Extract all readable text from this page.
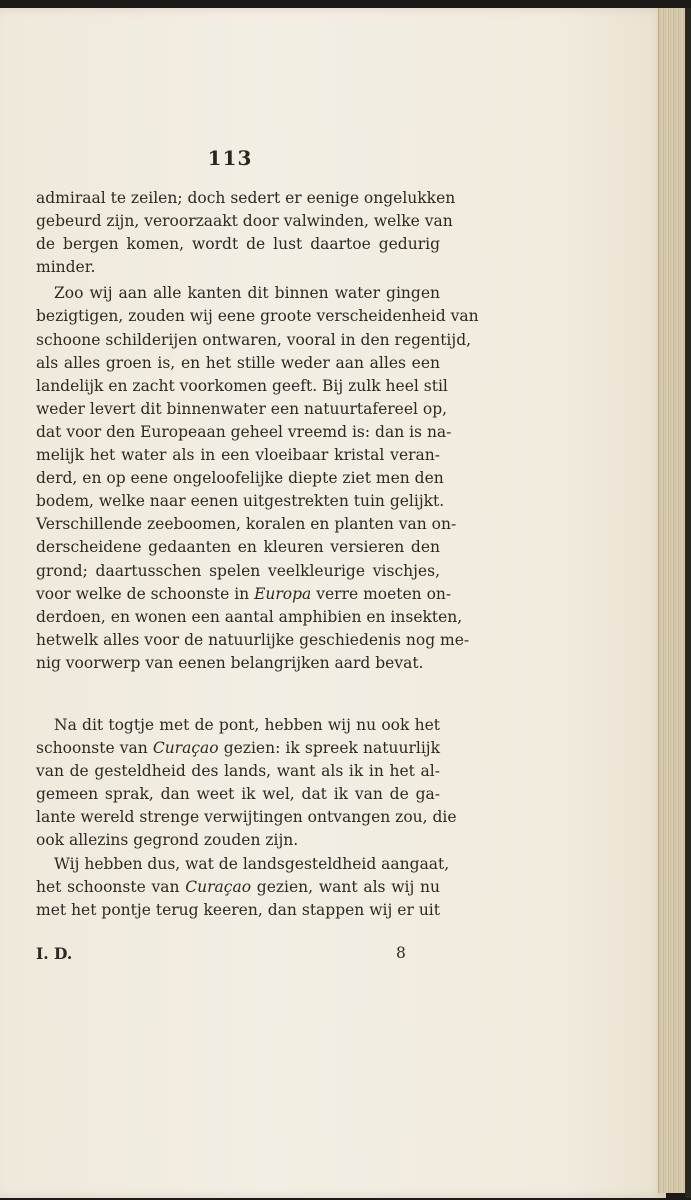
113
admiraal te zeilen; doch sedert er eenige ongelukken
gebeurd zijn, veroorzaakt door valwinden, welke van
de bergen komen, wordt de lust daartoe gedurig
minder.
Zoo wij aan alle kanten dit binnen water gingen
bezigtigen, zouden wij eene groote verscheidenheid van
schoone schilderijen ontwaren, vooral in den regentijd,
als alles groen is, en het stille weder aan alles een
landelijk en zacht voorkomen geeft. Bij zulk heel stil
weder levert dit binnenwater een natuurtafereel op,
dat voor den Europeaan geheel vreemd is: dan is na-
melijk het water als in een vloeibaar kristal veran-
derd, en op eene ongeloofelijke diepte ziet men den
bodem, welke naar eenen uitgestrekten tuin gelijkt.
Verschillende zeeboomen, koralen en planten van on-
derscheidene gedaanten en kleuren versieren den
grond; daartusschen spelen veelkleurige vischjes,
voor welke de schoonste in Europa verre moeten on-
derdoen, en wonen een aantal amphibien en insekten,
hetwelk alles voor de natuurlijke geschiedenis nog me-
nig voorwerp van eenen belangrijken aard bevat.
Na dit togtje met de pont, hebben wij nu ook het
schoonste van Curaçao gezien: ik spreek natuurlijk
van de gesteldheid des lands, want als ik in het al-
gemeen sprak, dan weet ik wel, dat ik van de ga-
lante wereld strenge verwijtingen ontvangen zou, die
ook allezins gegrond zouden zijn.
Wij hebben dus, wat de landsgesteldheid aangaat,
het schoonste van Curaçao gezien, want als wij nu
met het pontje terug keeren, dan stappen wij er uit
I. D.	8
